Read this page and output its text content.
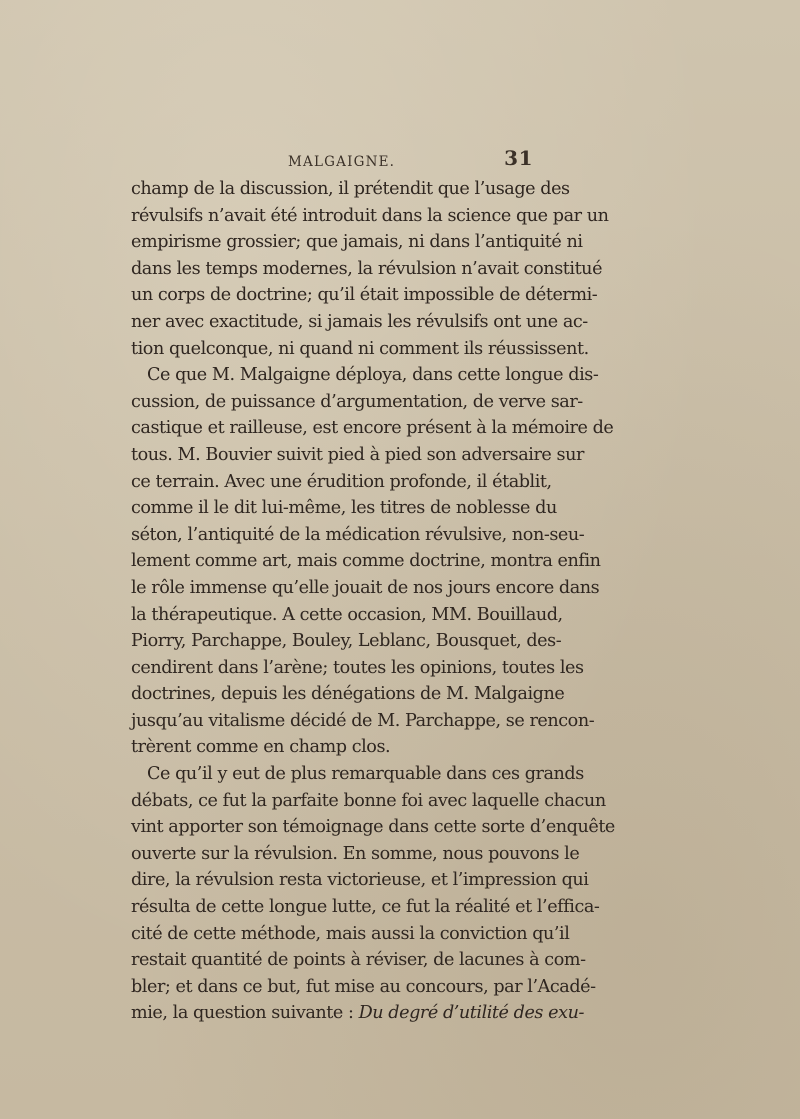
MALGAIGNE.	31
champ de la discussion, il prétendit que l’usage des
révulsifs n’avait été introduit dans la science que par un
empirisme grossier; que jamais, ni dans l’antiquité ni
dans les temps modernes, la révulsion n’avait constitué
un corps de doctrine; qu’il était impossible de détermi-
ner avec exactitude, si jamais les révulsifs ont une ac-
tion quelconque, ni quand ni comment ils réussissent.
Ce que M. Malgaigne déploya, dans cette longue dis-
cussion, de puissance d’argumentation, de verve sar-
castique et railleuse, est encore présent à la mémoire de
tous. M. Bouvier suivit pied à pied son adversaire sur
ce terrain. Avec une érudition profonde, il établit,
comme il le dit lui-même, les titres de noblesse du
séton, l’antiquité de la médication révulsive, non-seu-
lement comme art, mais comme doctrine, montra enfin
le rôle immense qu’elle jouait de nos jours encore dans
la thérapeutique. A cette occasion, MM. Bouillaud,
Piorry, Parchappe, Bouley, Leblanc, Bousquet, des-
cendirent dans l’arène; toutes les opinions, toutes les
doctrines, depuis les dénégations de M. Malgaigne
jusqu’au vitalisme décidé de M. Parchappe, se rencon-
trèrent comme en champ clos.
Ce qu’il y eut de plus remarquable dans ces grands
débats, ce fut la parfaite bonne foi avec laquelle chacun
vint apporter son témoignage dans cette sorte d’enquête
ouverte sur la révulsion. En somme, nous pouvons le
dire, la révulsion resta victorieuse, et l’impression qui
résulta de cette longue lutte, ce fut la réalité et l’effica-
cité de cette méthode, mais aussi la conviction qu’il
restait quantité de points à réviser, de lacunes à com-
bler; et dans ce but, fut mise au concours, par l’Acadé-
mie, la question suivante : Du degré d’utilité des exu-
